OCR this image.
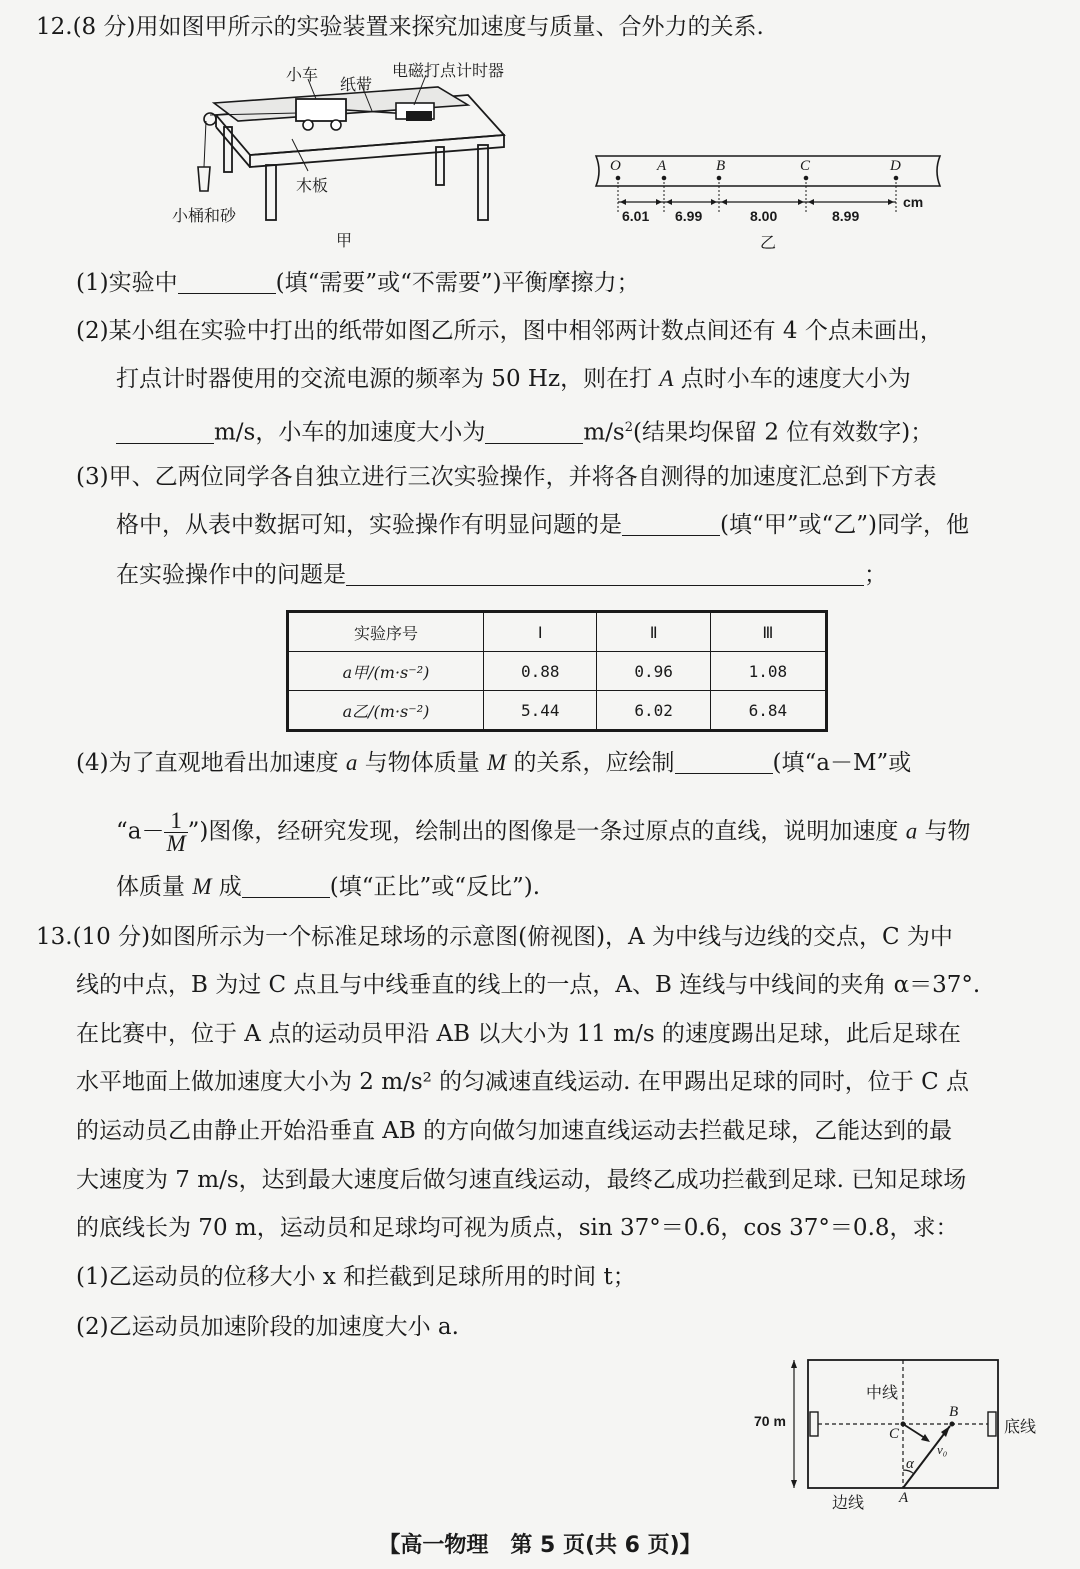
12.(8 分)用如图甲所示的实验装置来探究加速度与质量、合外力的关系.
小车
纸带
电磁打点计时器
木板
小桶和砂
甲
O A	B	C	D
6.01 6.99	8.00	8.99
cm
乙
(1)实验中	(填“需要”或“不需要”)平衡摩擦力；
(2)某小组在实验中打出的纸带如图乙所示，图中相邻两计数点间还有 4 个点未画出，
打点计时器使用的交流电源的频率为 50 Hz，则在打 A 点时小车的速度大小为
m/s，小车的加速度大小为	$m/s^2$(结果均保留 2 位有效数字)；
(3)甲、乙两位同学各自独立进行三次实验操作，并将各自测得的加速度汇总到下方表
格中，从表中数据可知，实验操作有明显问题的是	(填“甲”或“乙”)同学，他
在实验操作中的问题是	；
实验序号	Ⅰ	Ⅱ	Ⅲ
a甲/(m·s⁻²)	0.88	0.96	1.08
a乙/(m·s⁻²)	5.44	6.02	6.84
(4)为了直观地看出加速度 a 与物体质量 M 的关系，应绘制	(填“a－M”或
“$a- \frac{1}{M}$ ”)图像，经研究发现，绘制出的图像是一条过原点的直线，说明加速度 a 与物
体质量 M 成	(填“正比”或“反比”).
13.(10 分)如图所示为一个标准足球场的示意图(俯视图)，A 为中线与边线的交点，C 为中
线的中点，B 为过 C 点且与中线垂直的线上的一点，A、B 连线与中线间的夹角 α＝37°.
在比赛中，位于 A 点的运动员甲沿 AB 以大小为 11 m/s 的速度踢出足球，此后足球在
水平地面上做加速度大小为 2 m/s² 的匀减速直线运动. 在甲踢出足球的同时，位于 C 点
的运动员乙由静止开始沿垂直 AB 的方向做匀加速直线运动去拦截足球，乙能达到的最
大速度为 7 m/s，达到最大速度后做匀速直线运动，最终乙成功拦截到足球. 已知足球场
的底线长为 70 m，运动员和足球均可视为质点，sin 37°＝0.6，cos 37°＝0.8，求：
(1)乙运动员的位移大小 x 和拦截到足球所用的时间 t；
(2)乙运动员加速阶段的加速度大小 a.
70 m
中线
底线
边线 A
B
C
α
v₀
【高一物理　第 5 页(共 6 页)】
